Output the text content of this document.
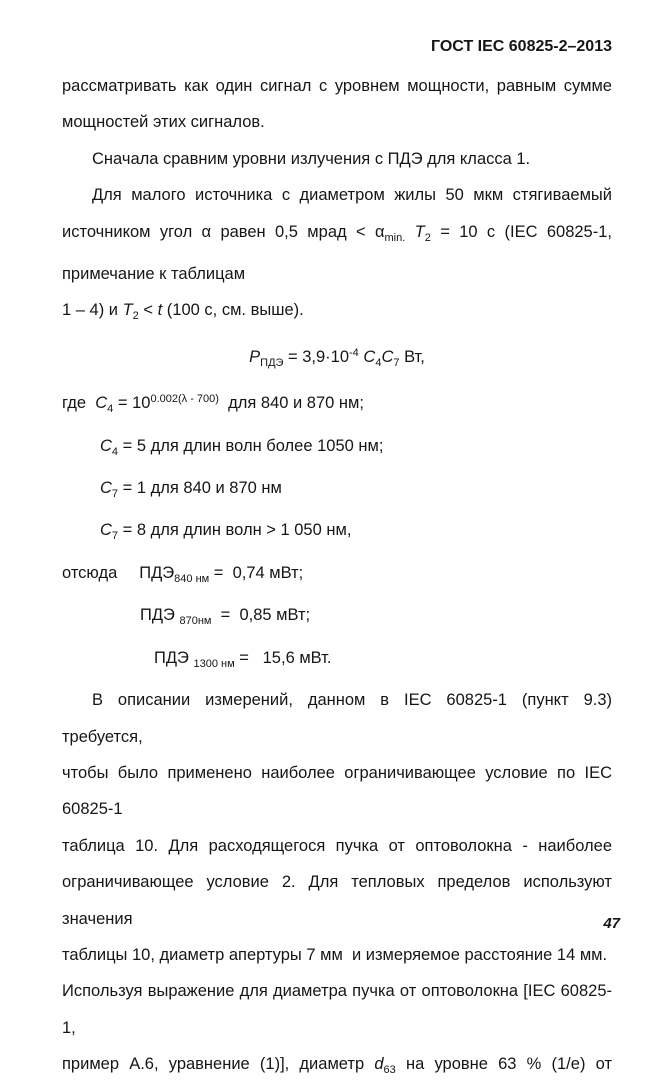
ГОСТ IEC 60825-2–2013
рассматривать как один сигнал с уровнем мощности, равным сумме
мощностей этих сигналов.
Сначала сравним уровни излучения с ПДЭ для класса 1.
Для малого источника с диаметром жилы 50 мкм стягиваемый
источником угол α равен 0,5 мрад < $\alpha_{min.}$ $T_2 = 10$ с (IEC 60825-1,
примечание к таблицам
1 – 4) и $T_2 < t$ (100 с, см. выше).
$P_{ПДЭ} = 3,9\cdot 10^{-4}$ $C_4C_7$ Вт,
где  $C_4 = 10^{0.002(\lambda - 700)}$  для 840 и 870 нм;
$C_4 = 5$ для длин волн более 1050 нм;
$C_7 = 1$ для 840 и 870 нм
$C_7 = 8$ для длин волн > 1 050 нм,
отсюда $ПДЭ_{840 нм} = 0,74$ мВт;
ПДЭ $_{870нм}$  =  0,85 мВт;
ПДЭ $_{1300 нм}$ =   15,6 мВт.
В описании измерений, данном в IEC 60825-1 (пункт 9.3) требуется,
чтобы было применено наиболее ограничивающее условие по IEC 60825-1
таблица 10. Для расходящегося пучка от оптоволокна - наиболее
ограничивающее условие 2. Для тепловых пределов используют значения
таблицы 10, диаметр апертуры 7 мм  и измеряемое расстояние 14 мм.
Используя выражение для диаметра пучка от оптоволокна [IEC 60825-1,
пример А.6, уравнение (1)], диаметр $d_{63}$ на уровне 63 % (1/е) от
47
